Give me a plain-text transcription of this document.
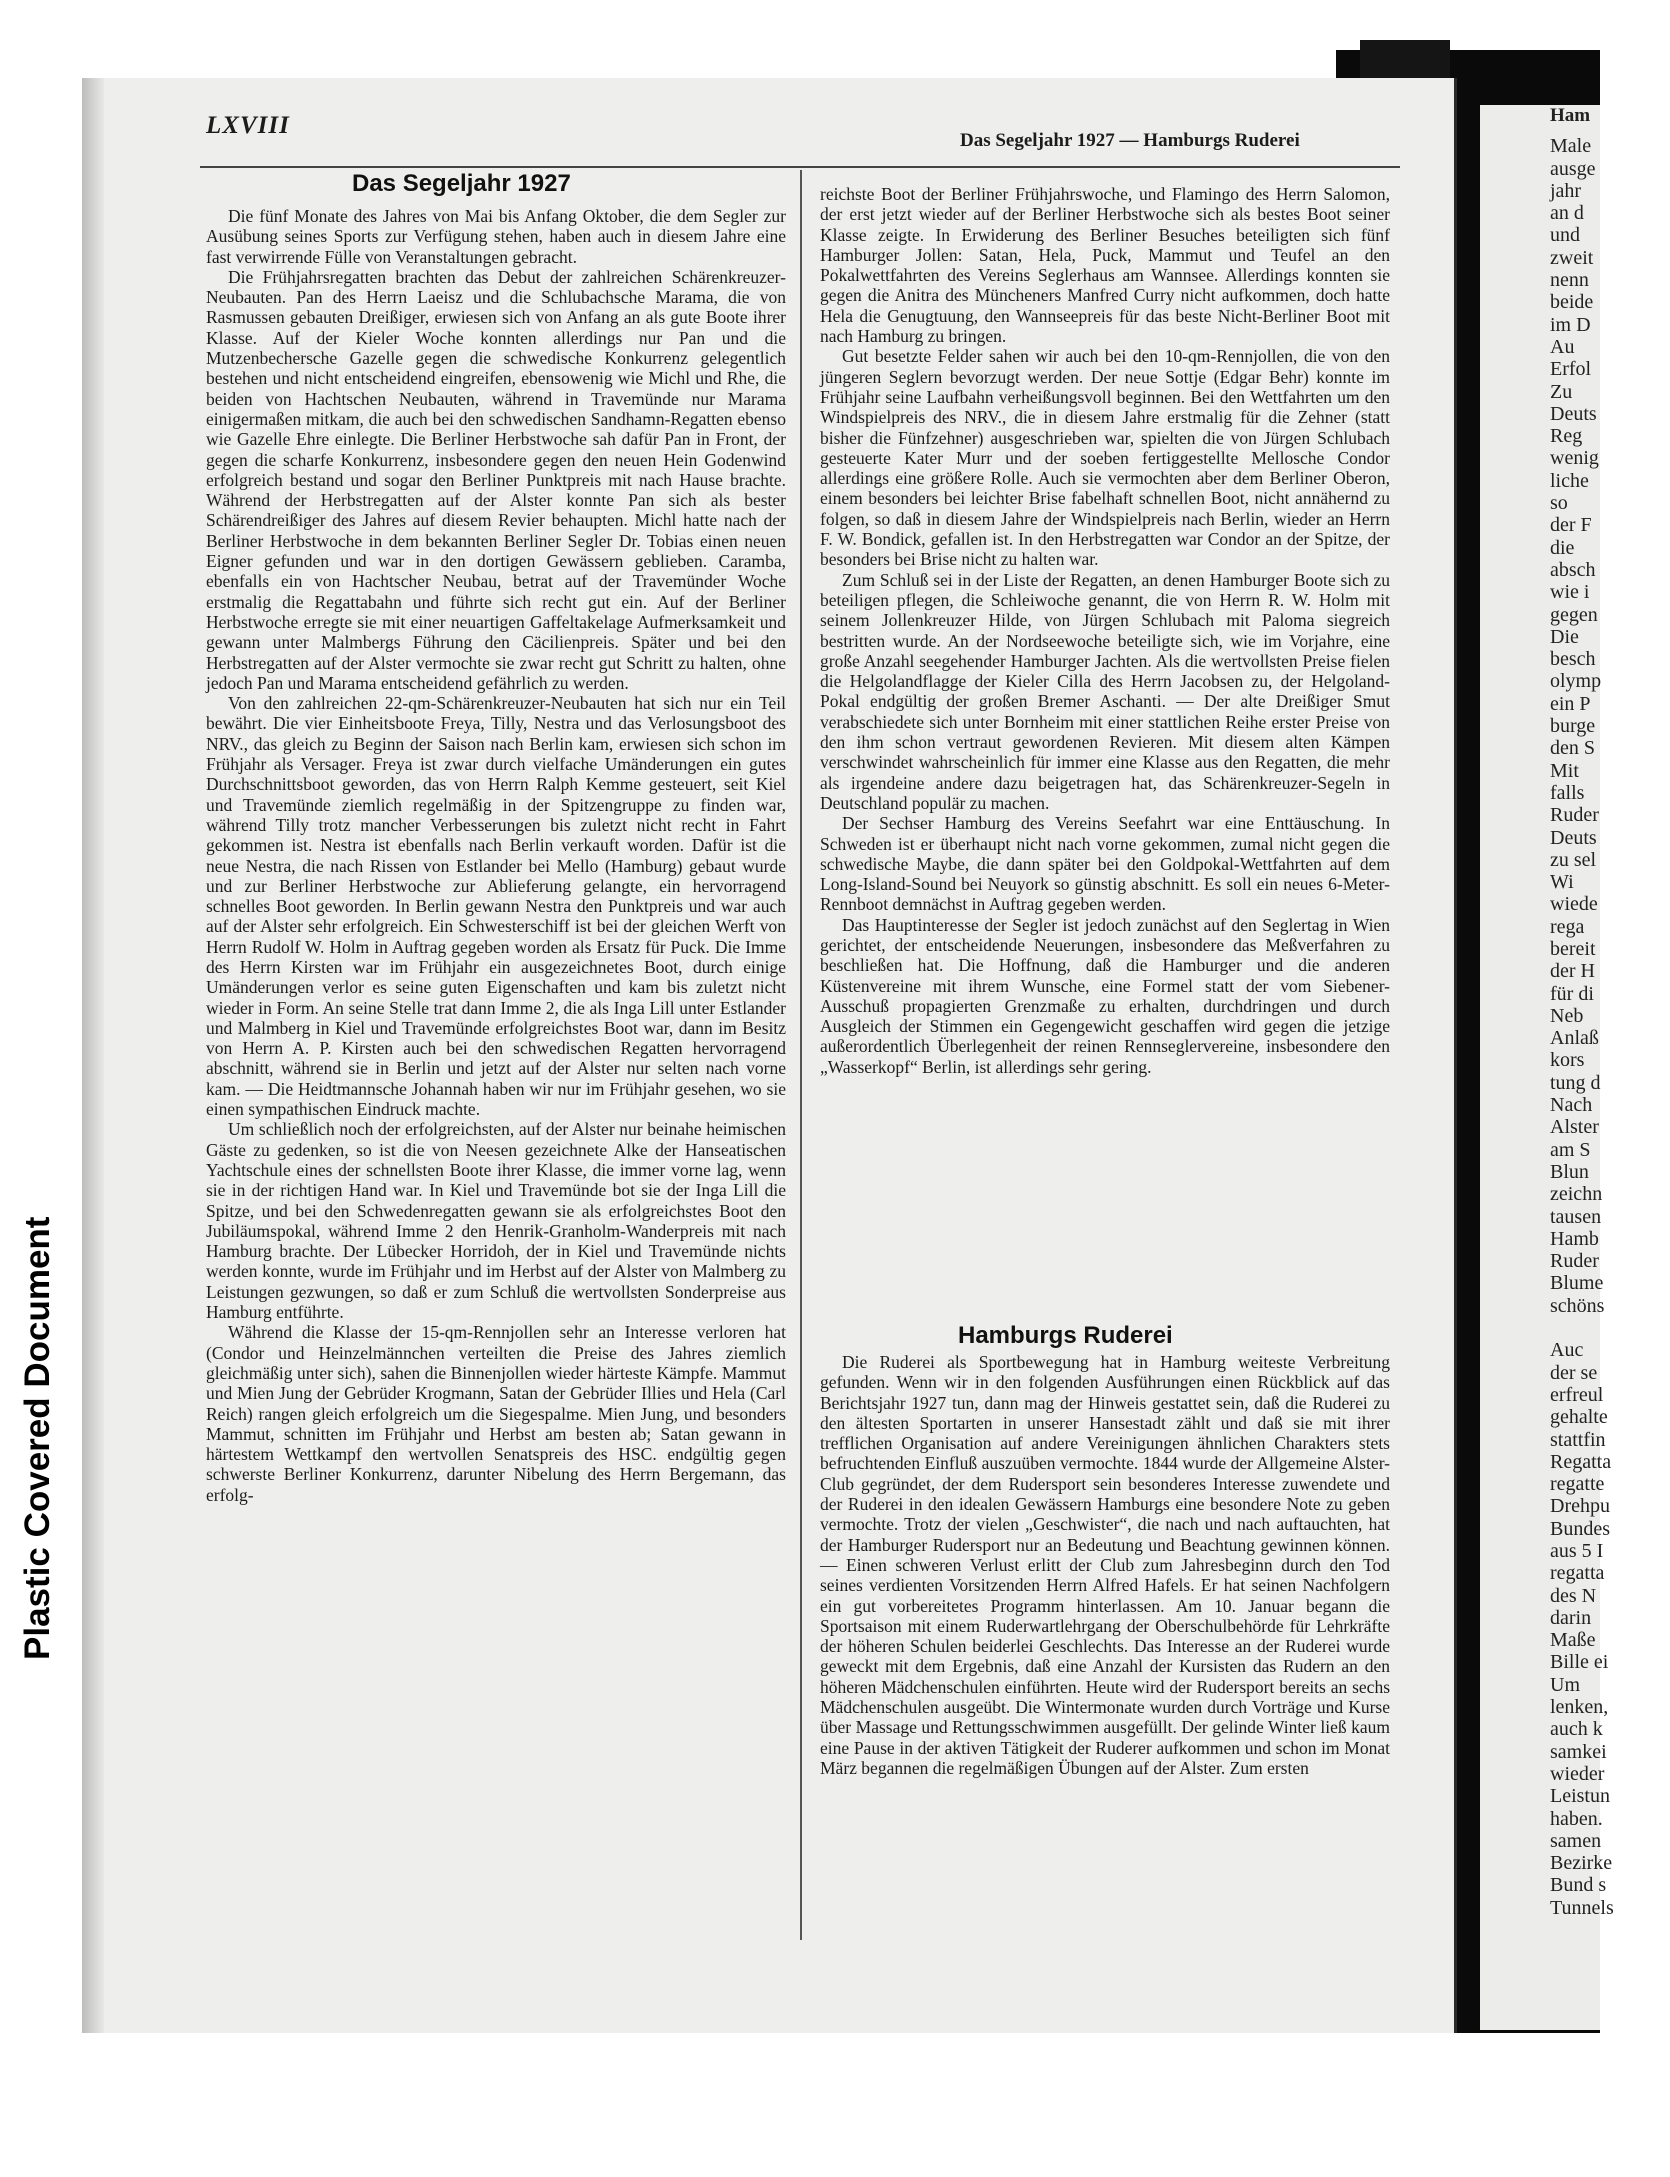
Ham
Male
ausge
jahr
an d
und
zweit
nenn
beide
im D
Au
Erfol
Zu
Deuts
Reg
wenig
liche
so
der F
die
absch
wie i
gegen
Die
besch
olymp
ein P
burge
den S
Mit
falls
Ruder
Deuts
zu sel
Wi
wiede
rega
bereit
der H
für di
Neb
Anlaß
kors
tung d
Nach
Alster
am S
Blun
zeichn
tausen
Hamb
Ruder
Blume
schöns

Auc
der se
erfreul
gehalte
stattfin
Regatta
regatte
Drehpu
Bundes
aus 5 I
regatta
des N
darin
Maße
Bille ei
Um
lenken,
auch k
samkei
wieder
Leistun
haben.
samen
Bezirke
Bund s
Tunnels
LXVIII
Das Segeljahr 1927 — Hamburgs Ruderei
Das Segeljahr 1927

Die fünf Monate des Jahres von Mai bis Anfang Oktober, die dem Segler zur Ausübung seines Sports zur Verfügung stehen, haben auch in diesem Jahre eine fast verwirrende Fülle von Veranstaltungen gebracht.

Die Frühjahrsregatten brachten das Debut der zahlreichen Schärenkreuzer-Neubauten. Pan des Herrn Laeisz und die Schlubachsche Marama, die von Rasmussen gebauten Dreißiger, erwiesen sich von Anfang an als gute Boote ihrer Klasse. Auf der Kieler Woche konnten allerdings nur Pan und die Mutzenbechersche Gazelle gegen die schwedische Konkurrenz gelegentlich bestehen und nicht entscheidend eingreifen, ebensowenig wie Michl und Rhe, die beiden von Hachtschen Neubauten, während in Travemünde nur Marama einigermaßen mitkam, die auch bei den schwedischen Sandhamn-Regatten ebenso wie Gazelle Ehre einlegte. Die Berliner Herbstwoche sah dafür Pan in Front, der gegen die scharfe Konkurrenz, insbesondere gegen den neuen Hein Godenwind erfolgreich bestand und sogar den Berliner Punktpreis mit nach Hause brachte. Während der Herbstregatten auf der Alster konnte Pan sich als bester Schärendreißiger des Jahres auf diesem Revier behaupten. Michl hatte nach der Berliner Herbstwoche in dem bekannten Berliner Segler Dr. Tobias einen neuen Eigner gefunden und war in den dortigen Gewässern geblieben. Caramba, ebenfalls ein von Hachtscher Neubau, betrat auf der Travemünder Woche erstmalig die Regattabahn und führte sich recht gut ein. Auf der Berliner Herbstwoche erregte sie mit einer neuartigen Gaffeltakelage Aufmerksamkeit und gewann unter Malmbergs Führung den Cäcilienpreis. Später und bei den Herbstregatten auf der Alster vermochte sie zwar recht gut Schritt zu halten, ohne jedoch Pan und Marama entscheidend gefährlich zu werden.

Von den zahlreichen 22-qm-Schärenkreuzer-Neubauten hat sich nur ein Teil bewährt. Die vier Einheitsboote Freya, Tilly, Nestra und das Verlosungsboot des NRV., das gleich zu Beginn der Saison nach Berlin kam, erwiesen sich schon im Frühjahr als Versager. Freya ist zwar durch vielfache Umänderungen ein gutes Durchschnittsboot geworden, das von Herrn Ralph Kemme gesteuert, seit Kiel und Travemünde ziemlich regelmäßig in der Spitzengruppe zu finden war, während Tilly trotz mancher Verbesserungen bis zuletzt nicht recht in Fahrt gekommen ist. Nestra ist ebenfalls nach Berlin verkauft worden. Dafür ist die neue Nestra, die nach Rissen von Estlander bei Mello (Hamburg) gebaut wurde und zur Berliner Herbstwoche zur Ablieferung gelangte, ein hervorragend schnelles Boot geworden. In Berlin gewann Nestra den Punktpreis und war auch auf der Alster sehr erfolgreich. Ein Schwesterschiff ist bei der gleichen Werft von Herrn Rudolf W. Holm in Auftrag gegeben worden als Ersatz für Puck. Die Imme des Herrn Kirsten war im Frühjahr ein ausgezeichnetes Boot, durch einige Umänderungen verlor es seine guten Eigenschaften und kam bis zuletzt nicht wieder in Form. An seine Stelle trat dann Imme 2, die als Inga Lill unter Estlander und Malmberg in Kiel und Travemünde erfolgreichstes Boot war, dann im Besitz von Herrn A. P. Kirsten auch bei den schwedischen Regatten hervorragend abschnitt, während sie in Berlin und jetzt auf der Alster nur selten nach vorne kam. — Die Heidtmannsche Johannah haben wir nur im Frühjahr gesehen, wo sie einen sympathischen Eindruck machte.

Um schließlich noch der erfolgreichsten, auf der Alster nur beinahe heimischen Gäste zu gedenken, so ist die von Neesen gezeichnete Alke der Hanseatischen Yachtschule eines der schnellsten Boote ihrer Klasse, die immer vorne lag, wenn sie in der richtigen Hand war. In Kiel und Travemünde bot sie der Inga Lill die Spitze, und bei den Schwedenregatten gewann sie als erfolgreichstes Boot den Jubiläumspokal, während Imme 2 den Henrik-Granholm-Wanderpreis mit nach Hamburg brachte. Der Lübecker Horridoh, der in Kiel und Travemünde nichts werden konnte, wurde im Frühjahr und im Herbst auf der Alster von Malmberg zu Leistungen gezwungen, so daß er zum Schluß die wertvollsten Sonderpreise aus Hamburg entführte.

Während die Klasse der 15-qm-Rennjollen sehr an Interesse verloren hat (Condor und Heinzelmännchen verteilten die Preise des Jahres ziemlich gleichmäßig unter sich), sahen die Binnenjollen wieder härteste Kämpfe. Mammut und Mien Jung der Gebrüder Krogmann, Satan der Gebrüder Illies und Hela (Carl Reich) rangen gleich erfolgreich um die Siegespalme. Mien Jung, und besonders Mammut, schnitten im Frühjahr und Herbst am besten ab; Satan gewann in härtestem Wettkampf den wertvollen Senatspreis des HSC. endgültig gegen schwerste Berliner Konkurrenz, darunter Nibelung des Herrn Bergemann, das erfolg-

reichste Boot der Berliner Frühjahrswoche, und Flamingo des Herrn Salomon, der erst jetzt wieder auf der Berliner Herbstwoche sich als bestes Boot seiner Klasse zeigte. In Erwiderung des Berliner Besuches beteiligten sich fünf Hamburger Jollen: Satan, Hela, Puck, Mammut und Teufel an den Pokalwettfahrten des Vereins Seglerhaus am Wannsee. Allerdings konnten sie gegen die Anitra des Müncheners Manfred Curry nicht aufkommen, doch hatte Hela die Genugtuung, den Wannseepreis für das beste Nicht-Berliner Boot mit nach Hamburg zu bringen.

Gut besetzte Felder sahen wir auch bei den 10-qm-Rennjollen, die von den jüngeren Seglern bevorzugt werden. Der neue Sottje (Edgar Behr) konnte im Frühjahr seine Laufbahn verheißungsvoll beginnen. Bei den Wettfahrten um den Windspielpreis des NRV., die in diesem Jahre erstmalig für die Zehner (statt bisher die Fünfzehner) ausgeschrieben war, spielten die von Jürgen Schlubach gesteuerte Kater Murr und der soeben fertiggestellte Mellosche Condor allerdings eine größere Rolle. Auch sie vermochten aber dem Berliner Oberon, einem besonders bei leichter Brise fabelhaft schnellen Boot, nicht annähernd zu folgen, so daß in diesem Jahre der Windspielpreis nach Berlin, wieder an Herrn F. W. Bondick, gefallen ist. In den Herbstregatten war Condor an der Spitze, der besonders bei Brise nicht zu halten war.

Zum Schluß sei in der Liste der Regatten, an denen Hamburger Boote sich zu beteiligen pflegen, die Schleiwoche genannt, die von Herrn R. W. Holm mit seinem Jollenkreuzer Hilde, von Jürgen Schlubach mit Paloma siegreich bestritten wurde. An der Nordseewoche beteiligte sich, wie im Vorjahre, eine große Anzahl seegehender Hamburger Jachten. Als die wertvollsten Preise fielen die Helgolandflagge der Kieler Cilla des Herrn Jacobsen zu, der Helgoland-Pokal endgültig der großen Bremer Aschanti. — Der alte Dreißiger Smut verabschiedete sich unter Bornheim mit einer stattlichen Reihe erster Preise von den ihm schon vertraut gewordenen Revieren. Mit diesem alten Kämpen verschwindet wahrscheinlich für immer eine Klasse aus den Regatten, die mehr als irgendeine andere dazu beigetragen hat, das Schärenkreuzer-Segeln in Deutschland populär zu machen.

Der Sechser Hamburg des Vereins Seefahrt war eine Enttäuschung. In Schweden ist er überhaupt nicht nach vorne gekommen, zumal nicht gegen die schwedische Maybe, die dann später bei den Goldpokal-Wettfahrten auf dem Long-Island-Sound bei Neuyork so günstig abschnitt. Es soll ein neues 6-Meter-Rennboot demnächst in Auftrag gegeben werden.

Das Hauptinteresse der Segler ist jedoch zunächst auf den Seglertag in Wien gerichtet, der entscheidende Neuerungen, insbesondere das Meßverfahren zu beschließen hat. Die Hoffnung, daß die Hamburger und die anderen Küstenvereine mit ihrem Wunsche, eine Formel statt der vom Siebener-Ausschuß propagierten Grenzmaße zu erhalten, durchdringen und durch Ausgleich der Stimmen ein Gegengewicht geschaffen wird gegen die jetzige außerordentlich Überlegenheit der reinen Rennseglervereine, insbesondere den „Wasserkopf“ Berlin, ist allerdings sehr gering.

Hamburgs Ruderei

Die Ruderei als Sportbewegung hat in Hamburg weiteste Verbreitung gefunden. Wenn wir in den folgenden Ausführungen einen Rückblick auf das Berichtsjahr 1927 tun, dann mag der Hinweis gestattet sein, daß die Ruderei zu den ältesten Sportarten in unserer Hansestadt zählt und daß sie mit ihrer trefflichen Organisation auf andere Vereinigungen ähnlichen Charakters stets befruchtenden Einfluß auszuüben vermochte. 1844 wurde der Allgemeine Alster-Club gegründet, der dem Rudersport sein besonderes Interesse zuwendete und der Ruderei in den idealen Gewässern Hamburgs eine besondere Note zu geben vermochte. Trotz der vielen „Geschwister“, die nach und nach auftauchten, hat der Hamburger Rudersport nur an Bedeutung und Beachtung gewinnen können. — Einen schweren Verlust erlitt der Club zum Jahresbeginn durch den Tod seines verdienten Vorsitzenden Herrn Alfred Hafels. Er hat seinen Nachfolgern ein gut vorbereitetes Programm hinterlassen. Am 10. Januar begann die Sportsaison mit einem Ruderwartlehrgang der Oberschulbehörde für Lehrkräfte der höheren Schulen beiderlei Geschlechts. Das Interesse an der Ruderei wurde geweckt mit dem Ergebnis, daß eine Anzahl der Kursisten das Rudern an den höheren Mädchenschulen einführten. Heute wird der Rudersport bereits an sechs Mädchenschulen ausgeübt. Die Wintermonate wurden durch Vorträge und Kurse über Massage und Rettungsschwimmen ausgefüllt. Der gelinde Winter ließ kaum eine Pause in der aktiven Tätigkeit der Ruderer aufkommen und schon im Monat März begannen die regelmäßigen Übungen auf der Alster. Zum ersten

Plastic Covered Document
